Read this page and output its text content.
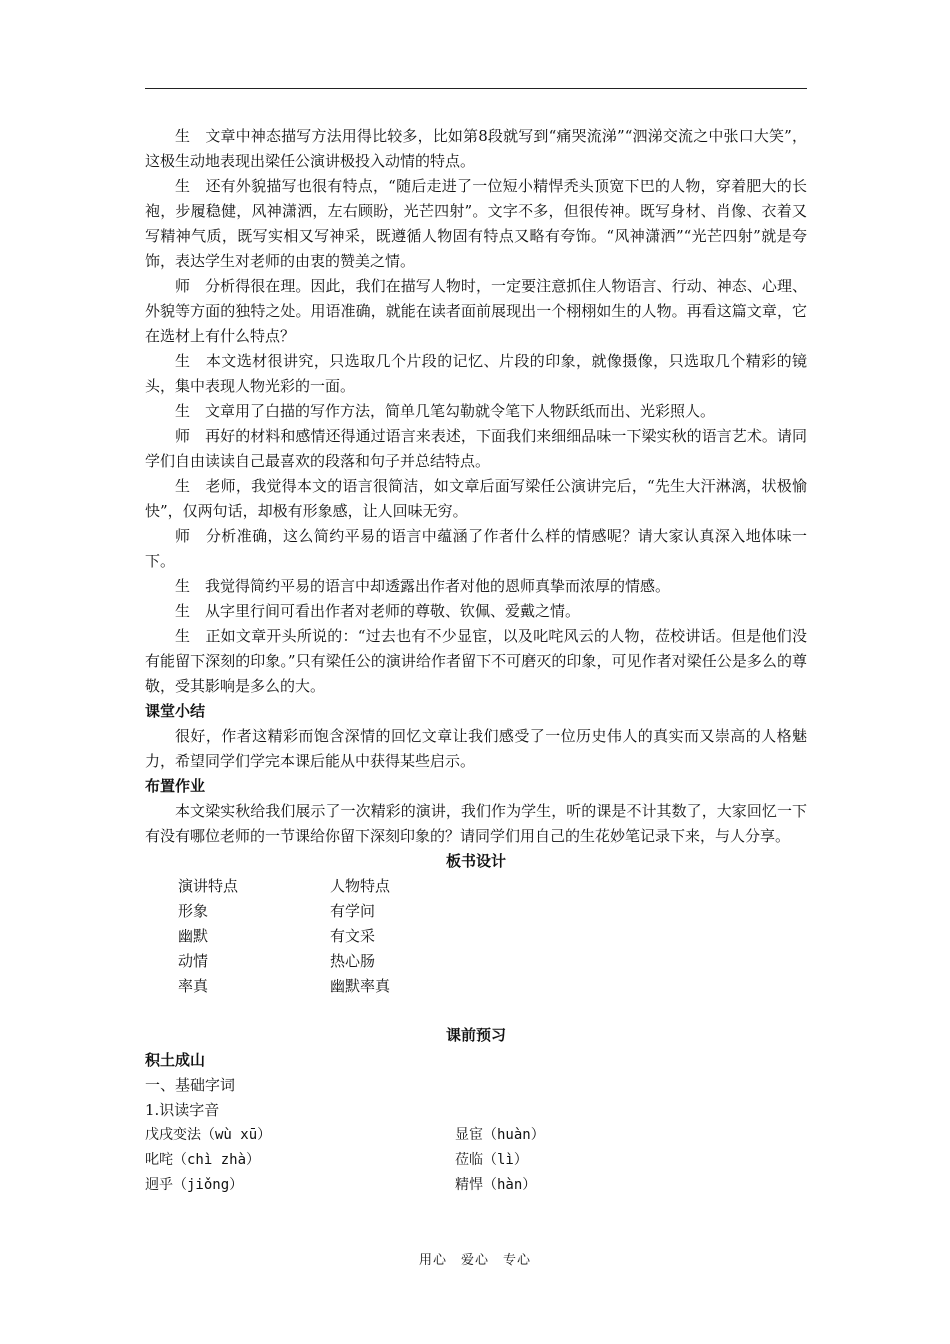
生　文章中神态描写方法用得比较多，比如第8段就写到“痛哭流涕”“泗涕交流之中张口大笑”，这极生动地表现出梁任公演讲极投入动情的特点。

生　还有外貌描写也很有特点，“随后走进了一位短小精悍秃头顶宽下巴的人物，穿着肥大的长袍，步履稳健，风神潇洒，左右顾盼，光芒四射”。文字不多，但很传神。既写身材、肖像、衣着又写精神气质，既写实相又写神采，既遵循人物固有特点又略有夸饰。“风神潇洒”“光芒四射”就是夸饰，表达学生对老师的由衷的赞美之情。

师　分析得很在理。因此，我们在描写人物时，一定要注意抓住人物语言、行动、神态、心理、外貌等方面的独特之处。用语准确，就能在读者面前展现出一个栩栩如生的人物。再看这篇文章，它在选材上有什么特点？

生　本文选材很讲究，只选取几个片段的记忆、片段的印象，就像摄像，只选取几个精彩的镜头，集中表现人物光彩的一面。

生　文章用了白描的写作方法，简单几笔勾勒就令笔下人物跃纸而出、光彩照人。

师　再好的材料和感情还得通过语言来表述，下面我们来细细品味一下梁实秋的语言艺术。请同学们自由读读自己最喜欢的段落和句子并总结特点。

生　老师，我觉得本文的语言很简洁，如文章后面写梁任公演讲完后，“先生大汗淋漓，状极愉快”，仅两句话，却极有形象感，让人回味无穷。

师　分析准确，这么简约平易的语言中蕴涵了作者什么样的情感呢？请大家认真深入地体味一下。

生　我觉得简约平易的语言中却透露出作者对他的恩师真挚而浓厚的情感。

生　从字里行间可看出作者对老师的尊敬、钦佩、爱戴之情。

生　正如文章开头所说的：“过去也有不少显宦，以及叱咤风云的人物，莅校讲话。但是他们没有能留下深刻的印象。”只有梁任公的演讲给作者留下不可磨灭的印象，可见作者对梁任公是多么的尊敬，受其影响是多么的大。

课堂小结

很好，作者这精彩而饱含深情的回忆文章让我们感受了一位历史伟人的真实而又崇高的人格魅力，希望同学们学完本课后能从中获得某些启示。

布置作业

本文梁实秋给我们展示了一次精彩的演讲，我们作为学生，听的课是不计其数了，大家回忆一下有没有哪位老师的一节课给你留下深刻印象的？请同学们用自己的生花妙笔记录下来，与人分享。

板书设计

演讲特点	人物特点
形象	有学问
幽默	有文采
动情	热心肠
率真	幽默率真

课前预习

积土成山

一、基础字词

1.识读字音

戊戌变法（wù xū）	显宦（huàn）
叱咤（chì zhà）	莅临（lì）
迥乎（jiǒng）	精悍（hàn）
用心　爱心　专心
